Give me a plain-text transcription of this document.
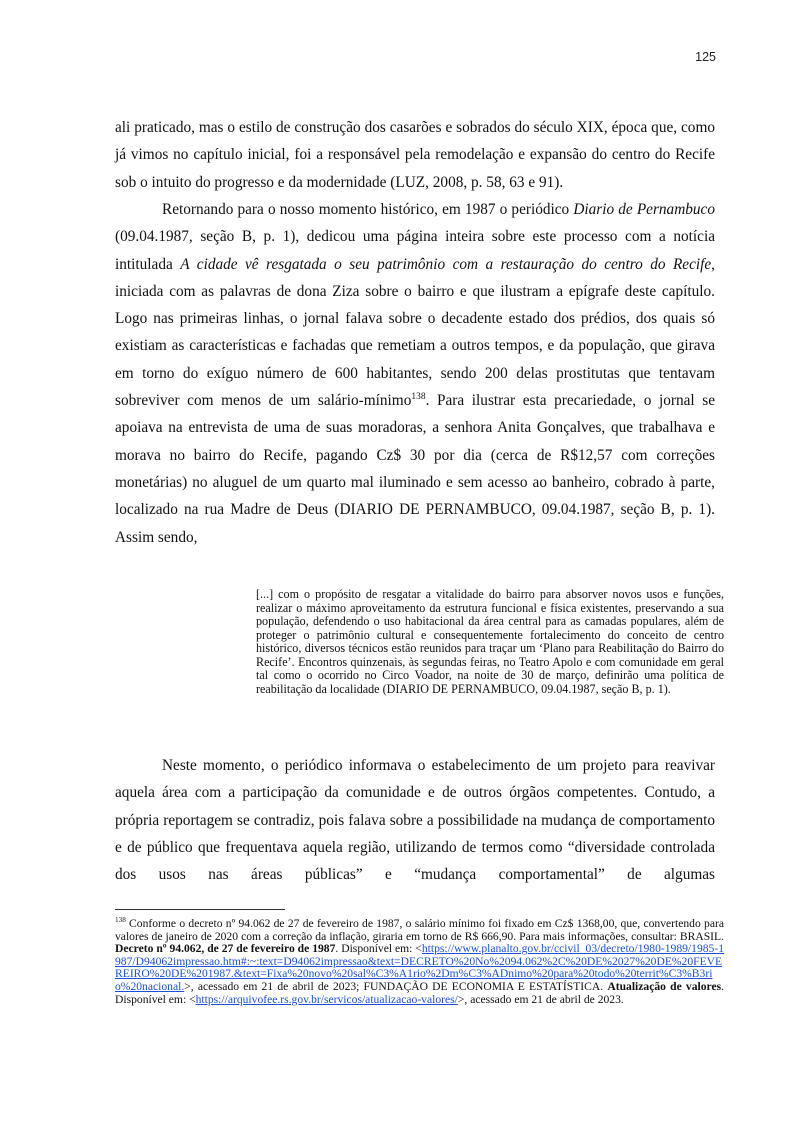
125

ali praticado, mas o estilo de construção dos casarões e sobrados do século XIX, época que, como já vimos no capítulo inicial, foi a responsável pela remodelação e expansão do centro do Recife sob o intuito do progresso e da modernidade (LUZ, 2008, p. 58, 63 e 91).

Retornando para o nosso momento histórico, em 1987 o periódico Diario de Pernambuco (09.04.1987, seção B, p. 1), dedicou uma página inteira sobre este processo com a notícia intitulada A cidade vê resgatada o seu patrimônio com a restauração do centro do Recife, iniciada com as palavras de dona Ziza sobre o bairro e que ilustram a epígrafe deste capítulo. Logo nas primeiras linhas, o jornal falava sobre o decadente estado dos prédios, dos quais só existiam as características e fachadas que remetiam a outros tempos, e da população, que girava em torno do exíguo número de 600 habitantes, sendo 200 delas prostitutas que tentavam sobreviver com menos de um salário-mínimo$^{138}$. Para ilustrar esta precariedade, o jornal se apoiava na entrevista de uma de suas moradoras, a senhora Anita Gonçalves, que trabalhava e morava no bairro do Recife, pagando Cz$ 30 por dia (cerca de R$12,57 com correções monetárias) no aluguel de um quarto mal iluminado e sem acesso ao banheiro, cobrado à parte, localizado na rua Madre de Deus (DIARIO DE PERNAMBUCO, 09.04.1987, seção B, p. 1). Assim sendo,

[...] com o propósito de resgatar a vitalidade do bairro para absorver novos usos e funções, realizar o máximo aproveitamento da estrutura funcional e física existentes, preservando a sua população, defendendo o uso habitacional da área central para as camadas populares, além de proteger o patrimônio cultural e consequentemente fortalecimento do conceito de centro histórico, diversos técnicos estão reunidos para traçar um ‘Plano para Reabilitação do Bairro do Recife’. Encontros quinzenais, às segundas feiras, no Teatro Apolo e com comunidade em geral tal como o ocorrido no Circo Voador, na noite de 30 de março, definirão uma política de reabilitação da localidade (DIARIO DE PERNAMBUCO, 09.04.1987, seção B, p. 1).

Neste momento, o periódico informava o estabelecimento de um projeto para reavivar aquela área com a participação da comunidade e de outros órgãos competentes. Contudo, a própria reportagem se contradiz, pois falava sobre a possibilidade na mudança de comportamento e de público que frequentava aquela região, utilizando de termos como “diversidade controlada dos usos nas áreas públicas” e “mudança comportamental” de algumas

$^{138}$ Conforme o decreto nº 94.062 de 27 de fevereiro de 1987, o salário mínimo foi fixado em Cz$ 1368,00, que, convertendo para valores de janeiro de 2020 com a correção da inflação, giraria em torno de R$ 666,90. Para mais informações, consultar: BRASIL. Decreto nº 94.062, de 27 de fevereiro de 1987. Disponível em: <https://www.planalto.gov.br/ccivil_03/decreto/1980-1989/1985-1987/D94062impressao.htm#:~:text=D94062impressao&text=DECRETO%20No%2094.062%2C%20DE%2027%20DE%20FEVEREIRO%20DE%201987.&text=Fixa%20novo%20sal%C3%A1rio%2Dm%C3%ADnimo%20para%20todo%20territ%C3%B3rio%20nacional.>, acessado em 21 de abril de 2023; FUNDAÇÃO DE ECONOMIA E ESTATÍSTICA. Atualização de valores. Disponível em: <https://arquivofee.rs.gov.br/servicos/atualizacao-valores/>, acessado em 21 de abril de 2023.
